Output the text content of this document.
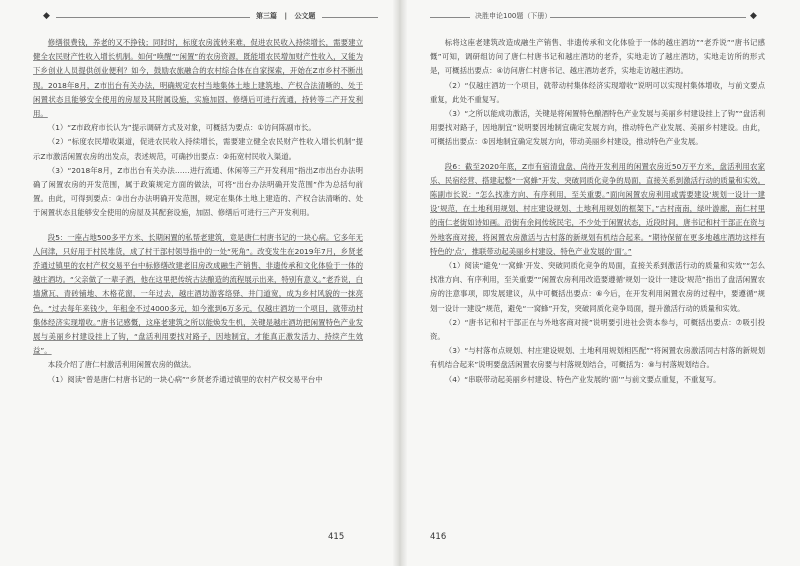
◆	第三篇 | 公文题

修缮很费钱，养老的又不挣钱；同时时，标度农房流转来难，促进农民收入持续增长，需要建立健全农民财产性收入增长机制。如何“唤醒”“闲置”的农房资源，既能增农民增加财产性收入，又能为下乡创业人员提供创业便利？如今，鼓励农旅融合的农村综合体在自家探索，开始在Z市乡村不断出现。2018年8月，Z市出台有关办法，明确规定农村当地集体土地上建筑地、产权合法清晰的、处于闲置状态且能够安全使用的房屋及其附属设施，实施加固、修缮后可进行流通，持转等二产开发利用。

（1）“Z市政府市长认为”提示调研方式及对象，可概括为要点：①访问陈副市长。

（2）“标度农民增收渠道，促进农民收入持续增长，需要建立健全农民财产性收入增长机制”提示Z市激活闲置农房的出发点，表述规范，可确抄出要点：②拓宽村民收入渠道。

（3）“2018年8月，Z市出台有关办法……进行流通、休闲等三产开发利用”指出Z市出台办法明确了闲置农房的开发范围，属于政策规定方面的做法，可将“出台办法明确开发范围”作为总括句前置。由此，可得到要点：③出台办法明确开发范围，规定在集体土地上建造的、产权合法清晰的、处于闲置状态且能够安全使用的房屋及其配套设施，加固、修缮后可进行三产开发利用。

段5：一座占地500多平方米、长期闲置的私帮老建筑，竟是唐仁村唐书记的一块心病。它多年无人问津，只好用于村民堆货，成了村干部村领导指中的一处“死角”。改变发生在2019年7月，乡贤老乔通过镇里的农村产权交易平台中标修缮改建老旧房改成融生产销售、非遗传承和文化体验于一体的越庄酒坊。“父亲做了一辈子酒，他在这里把传统古法酿造的流程展示出来，特别有意义。”老乔说，白墙黛瓦、青砖铺地、木格花窗，一年过去，越庄酒坊游客络驿、井门道宽，成为乡村风貌的一抹亮色。“过去每年来钱少，年租金不过4000多元，如今涨到6万多元，仅越庄酒坊一个项目，就带动村集体经济实现增收。”唐书记感慨，这座老建筑之所以能焕发生机，关键是越庄酒坊把闲置特色产业发展与美丽乡村建设挂上了钩，“盘活利用要找对路子，因地制宜，才能真正激发活力、持续产生效益”。

本段介绍了唐仁村激活利用闲置农房的做法。

（1）阅读“曾是唐仁村唐书记的一块心病”“乡贤老乔通过镇里的农村产权交易平台中

415
决胜申论100题（下册）	◆

标将这座老建筑改造成融生产销售、非遗传承和文化体验于一体的越庄酒坊”“老乔说”“唐书记感慨”可知，调研组访问了唐仁村唐书记和越庄酒坊的老乔，实地走访了越庄酒坊，实地走访所的形式是，可概括出要点：④访问唐仁村唐书记、越庄酒坊老乔，实地走访越庄酒坊。

（2）“仅越庄酒坊一个项目，就带动村集体经济实现增收”说明可以实现村集体增收，与前文要点重复，此处不重复写。

（3）“之所以能成功激活，关键是将闲置特色酿酒特色产业发展与美丽乡村建设挂上了钩”“盘活利用要找对路子，因地制宜”说明要因地制宜确定发展方向，推动特色产业发展、美丽乡村建设。由此，可概括出要点：⑤因地制宜确定发展方向，带动美丽乡村建设，推动特色产业发展。

段6：截至2020年底，Z市有宿清盘盘、尚待开发利用的闲置农房近50万平方米，盘活利用农家乐、民宿经营、搭建起整“一窝蜂”开发、突破同质化竞争的局面，直接关系到激活行动的质量和实效。陈副市长说：“怎么找准方向、有序利用，至关重要。”面向闲置农房利用或需要建设‘规划一设计一建设’规范，在土地利用规划、村庄建设规划、土地利用规划的框架下。”古村南南，绿叶游廊，南仁村里的南仁老街如诗如画。沿街有余间传统民宅，不少处于闲置状态，近段时间，唐书记和村干部正在资与外地客商对接，将闲置农房激活与古村落的新规划有机结合起来。“期待保留在更多地越庄酒坊这样有特色的‘点’，推联带动起美丽乡村建设、特色产业发展的‘面’。”

（1）阅读“避免‘一窝蜂’开发、突破同质化竞争的局面，直接关系到激活行动的质量和实效”“怎么找准方向、有序利用，至关重要”“闲置农房利用改造要遵循‘规划一设计一建设’规范”指出了盘活闲置农房的注意事项，即发展建议，从中可概括出要点：⑥今后，在开发利用闲置农房的过程中，要遵循“规划一设计一建设”规范，避免“一窝蜂”开发，突破同质化竞争局面，提升激活行动的质量和实效。

（2）“唐书记和村干部正在与外地客商对接”说明要引进社会资本参与，可概括出要点：⑦吸引投资。

（3）“与村落布点规划、村庄建设规划、土地利用规划相匹配”“将闲置农房激活同古村落的新规划有机结合起来”说明要盘活闲置农房要与村落规划结合，可概括为：⑧与村落规划结合。

（4）“串联带动起美丽乡村建设、特色产业发展的‘面’”与前文要点重复，不重复写。

416
